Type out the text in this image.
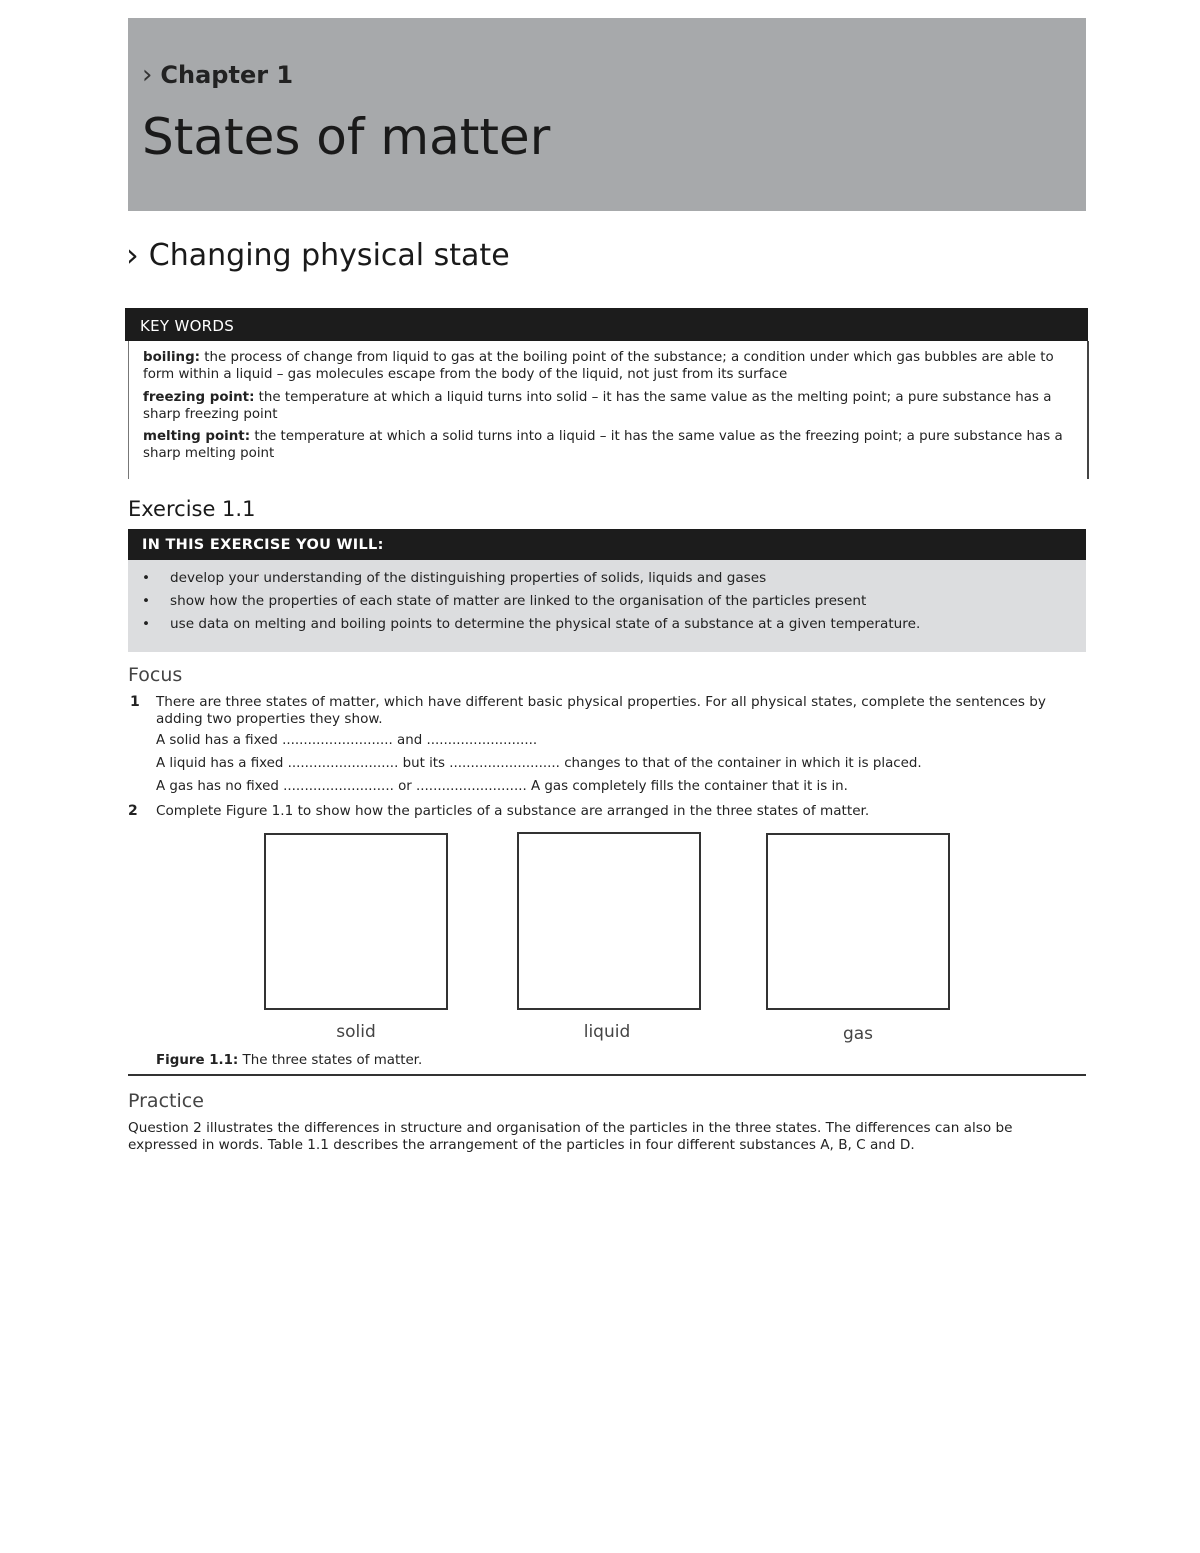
› Chapter 1
States of matter
› Changing physical state
KEY WORDS
boiling: the process of change from liquid to gas at the boiling point of the substance; a condition under which gas bubbles are able to form within a liquid – gas molecules escape from the body of the liquid, not just from its surface
freezing point: the temperature at which a liquid turns into solid – it has the same value as the melting point; a pure substance has a sharp freezing point
melting point: the temperature at which a solid turns into a liquid – it has the same value as the freezing point; a pure substance has a sharp melting point
Exercise 1.1
IN THIS EXERCISE YOU WILL:
•	develop your understanding of the distinguishing properties of solids, liquids and gases
•	show how the properties of each state of matter are linked to the organisation of the particles present
•	use data on melting and boiling points to determine the physical state of a substance at a given temperature.
Focus
1 There are three states of matter, which have different basic physical properties. For all physical states, complete the sentences by adding two properties they show.
A solid has a fixed .......................... and ..........................
A liquid has a fixed .......................... but its .......................... changes to that of the container in which it is placed.
A gas has no fixed .......................... or .......................... A gas completely fills the container that it is in.
2 Complete Figure 1.1 to show how the particles of a substance are arranged in the three states of matter.
solid	liquid	gas
Figure 1.1: The three states of matter.
Practice
Question 2 illustrates the differences in structure and organisation of the particles in the three states. The differences can also be expressed in words. Table 1.1 describes the arrangement of the particles in four different substances A, B, C and D.
